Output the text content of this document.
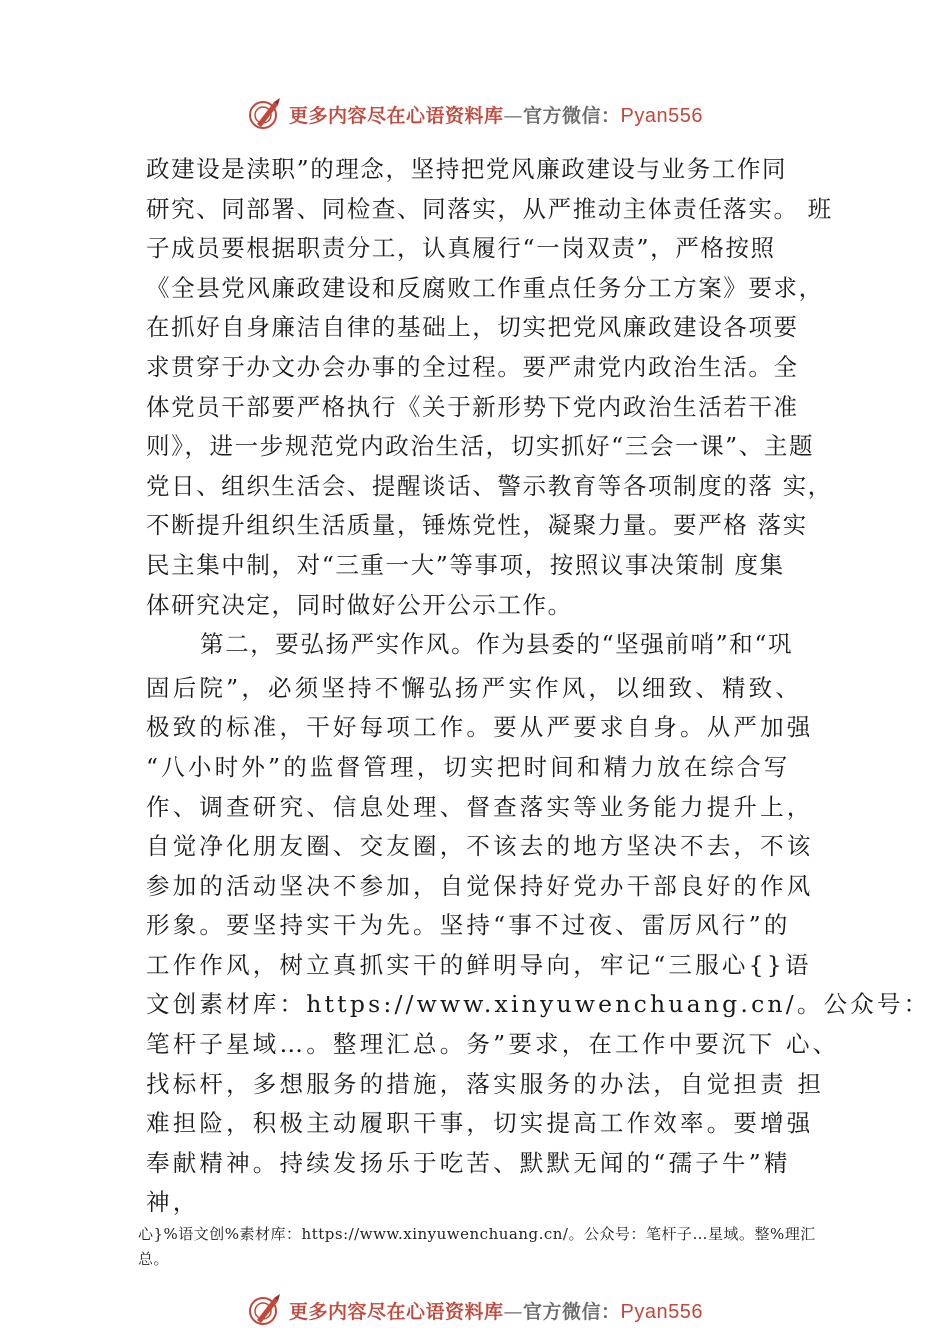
更多内容尽在心语资料库—官方微信：Pyan556
政建设是渎职”的理念，坚持把党风廉政建设与业务工作同
研究、同部署、同检查、同落实，从严推动主体责任落实。 班
子成员要根据职责分工，认真履行“一岗双责”，严格按照
《全县党风廉政建设和反腐败工作重点任务分工方案》要求，
在抓好自身廉洁自律的基础上，切实把党风廉政建设各项要
求贯穿于办文办会办事的全过程。要严肃党内政治生活。全
体党员干部要严格执行《关于新形势下党内政治生活若干准
则》，进一步规范党内政治生活，切实抓好“三会一课”、主题
党日、组织生活会、提醒谈话、警示教育等各项制度的落 实，
不断提升组织生活质量，锤炼党性，凝聚力量。要严格 落实
民主集中制，对“三重一大”等事项，按照议事决策制 度集
体研究决定，同时做好公开公示工作。
第二，要弘扬严实作风。作为县委的“坚强前哨”和“巩
固后院”，必须坚持不懈弘扬严实作风，以细致、精致、
极致的标准，干好每项工作。要从严要求自身。从严加强
“八小时外”的监督管理，切实把时间和精力放在综合写
作、调查研究、信息处理、督查落实等业务能力提升上，
自觉净化朋友圈、交友圈，不该去的地方坚决不去，不该
参加的活动坚决不参加，自觉保持好党办干部良好的作风
形象。要坚持实干为先。坚持“事不过夜、雷厉风行”的
工作作风，树立真抓实干的鲜明导向，牢记“三服心{}语
文创素材库：https://www.xinyuwenchuang.cn/。公众号：
笔杆子星域…。整理汇总。务”要求，在工作中要沉下 心、
找标杆，多想服务的措施，落实服务的办法，自觉担责 担
难担险，积极主动履职干事，切实提高工作效率。要增强
奉献精神。持续发扬乐于吃苦、默默无闻的“孺子牛”精
神，
心}%语文创%素材库：https://www.xinyuwenchuang.cn/。公众号：笔杆子…星域。整%理汇
总。
更多内容尽在心语资料库—官方微信：Pyan556
